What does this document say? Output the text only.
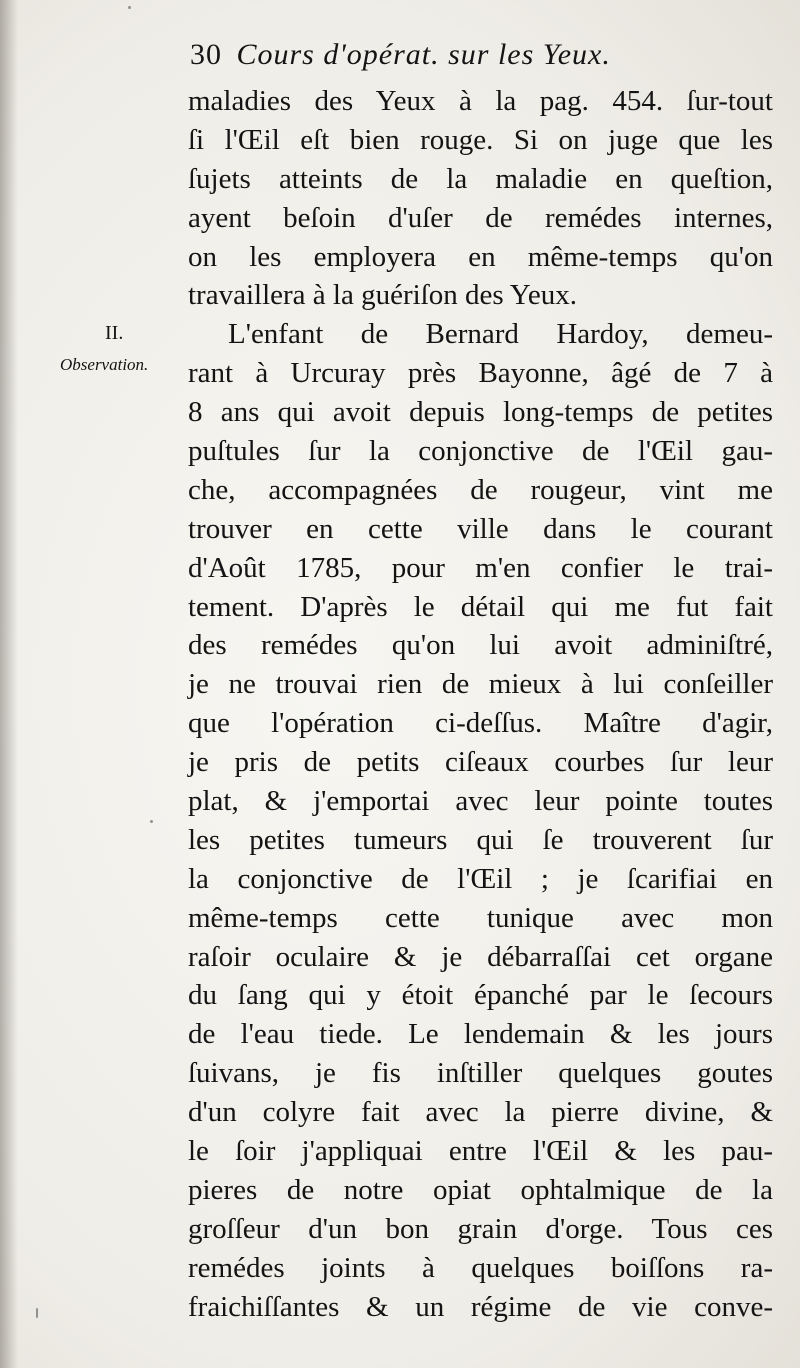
30 Cours d'opérat. sur les Yeux.
II.
Observation.
maladies des Yeux à la pag. 454. ſur-tout
ſi l'Œil eſt bien rouge. Si on juge que les
ſujets atteints de la maladie en queſtion,
ayent beſoin d'uſer de remédes internes,
on les employera en même-temps qu'on
travaillera à la guériſon des Yeux.
L'enfant de Bernard Hardoy, demeu-
rant à Urcuray près Bayonne, âgé de 7 à
8 ans qui avoit depuis long-temps de petites
puſtules ſur la conjonctive de l'Œil gau-
che, accompagnées de rougeur, vint me
trouver en cette ville dans le courant
d'Août 1785, pour m'en confier le trai-
tement. D'après le détail qui me fut fait
des remédes qu'on lui avoit adminiſtré,
je ne trouvai rien de mieux à lui conſeiller
que l'opération ci-deſſus. Maître d'agir,
je pris de petits ciſeaux courbes ſur leur
plat, & j'emportai avec leur pointe toutes
les petites tumeurs qui ſe trouverent ſur
la conjonctive de l'Œil ; je ſcarifiai en
même-temps cette tunique avec mon
raſoir oculaire & je débarraſſai cet organe
du ſang qui y étoit épanché par le ſecours
de l'eau tiede. Le lendemain & les jours
ſuivans, je fis inſtiller quelques goutes
d'un colyre fait avec la pierre divine, &
le ſoir j'appliquai entre l'Œil & les pau-
pieres de notre opiat ophtalmique de la
groſſeur d'un bon grain d'orge. Tous ces
remédes joints à quelques boiſſons ra-
fraichiſſantes & un régime de vie conve-
